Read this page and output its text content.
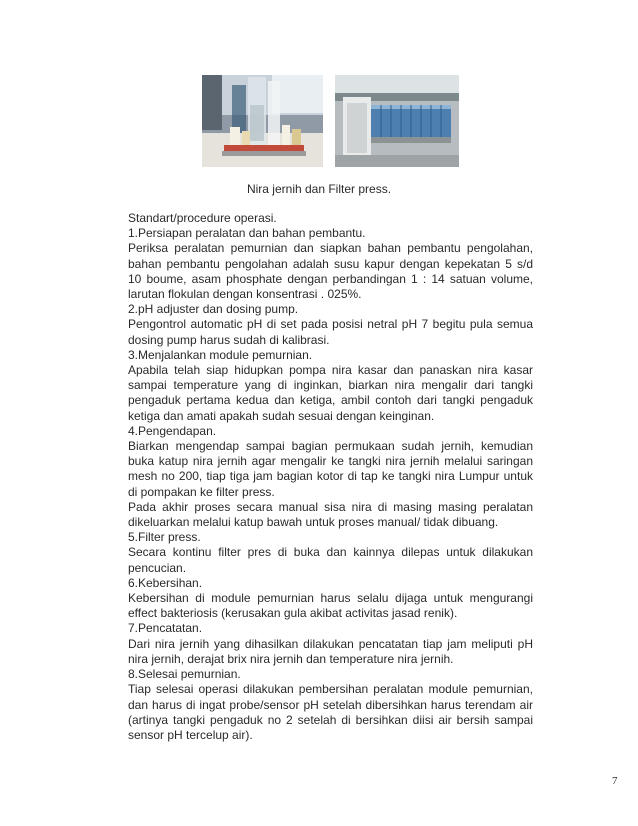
Nira jernih dan Filter press.

Standart/procedure operasi.

1.Persiapan peralatan dan bahan pembantu.

Periksa peralatan pemurnian dan siapkan bahan pembantu pengolahan, bahan pembantu pengolahan adalah susu kapur dengan kepekatan 5 s/d 10 boume, asam phosphate dengan perbandingan 1 : 14 satuan volume, larutan flokulan dengan konsentrasi . 025%.

2.pH adjuster dan dosing pump.

Pengontrol automatic pH di set pada posisi netral pH 7 begitu pula semua dosing pump harus sudah di kalibrasi.

3.Menjalankan module pemurnian.

Apabila telah siap hidupkan pompa nira kasar dan panaskan nira kasar sampai temperature yang di inginkan, biarkan nira mengalir dari tangki pengaduk pertama kedua dan ketiga, ambil contoh dari tangki pengaduk ketiga dan amati apakah sudah sesuai dengan keinginan.

4.Pengendapan.

Biarkan mengendap sampai bagian permukaan sudah jernih, kemudian buka katup nira jernih agar mengalir ke tangki nira jernih melalui saringan mesh no 200, tiap tiga jam bagian kotor di tap ke tangki nira Lumpur untuk di pompakan ke filter press.

Pada akhir proses secara manual sisa nira di masing masing peralatan dikeluarkan melalui katup bawah untuk proses manual/ tidak dibuang.

5.Filter press.

Secara kontinu filter pres di buka dan kainnya dilepas untuk dilakukan pencucian.

6.Kebersihan.

Kebersihan di module pemurnian harus selalu dijaga untuk mengurangi effect bakteriosis (kerusakan gula akibat activitas jasad renik).

7.Pencatatan.

Dari nira jernih yang dihasilkan dilakukan pencatatan tiap jam meliputi pH nira jernih, derajat brix nira jernih dan temperature nira jernih.

8.Selesai pemurnian.

Tiap selesai operasi dilakukan pembersihan peralatan module pemurnian, dan harus di ingat probe/sensor pH setelah dibersihkan harus terendam air (artinya tangki pengaduk no 2 setelah di bersihkan diisi air bersih sampai sensor pH tercelup air).

7
